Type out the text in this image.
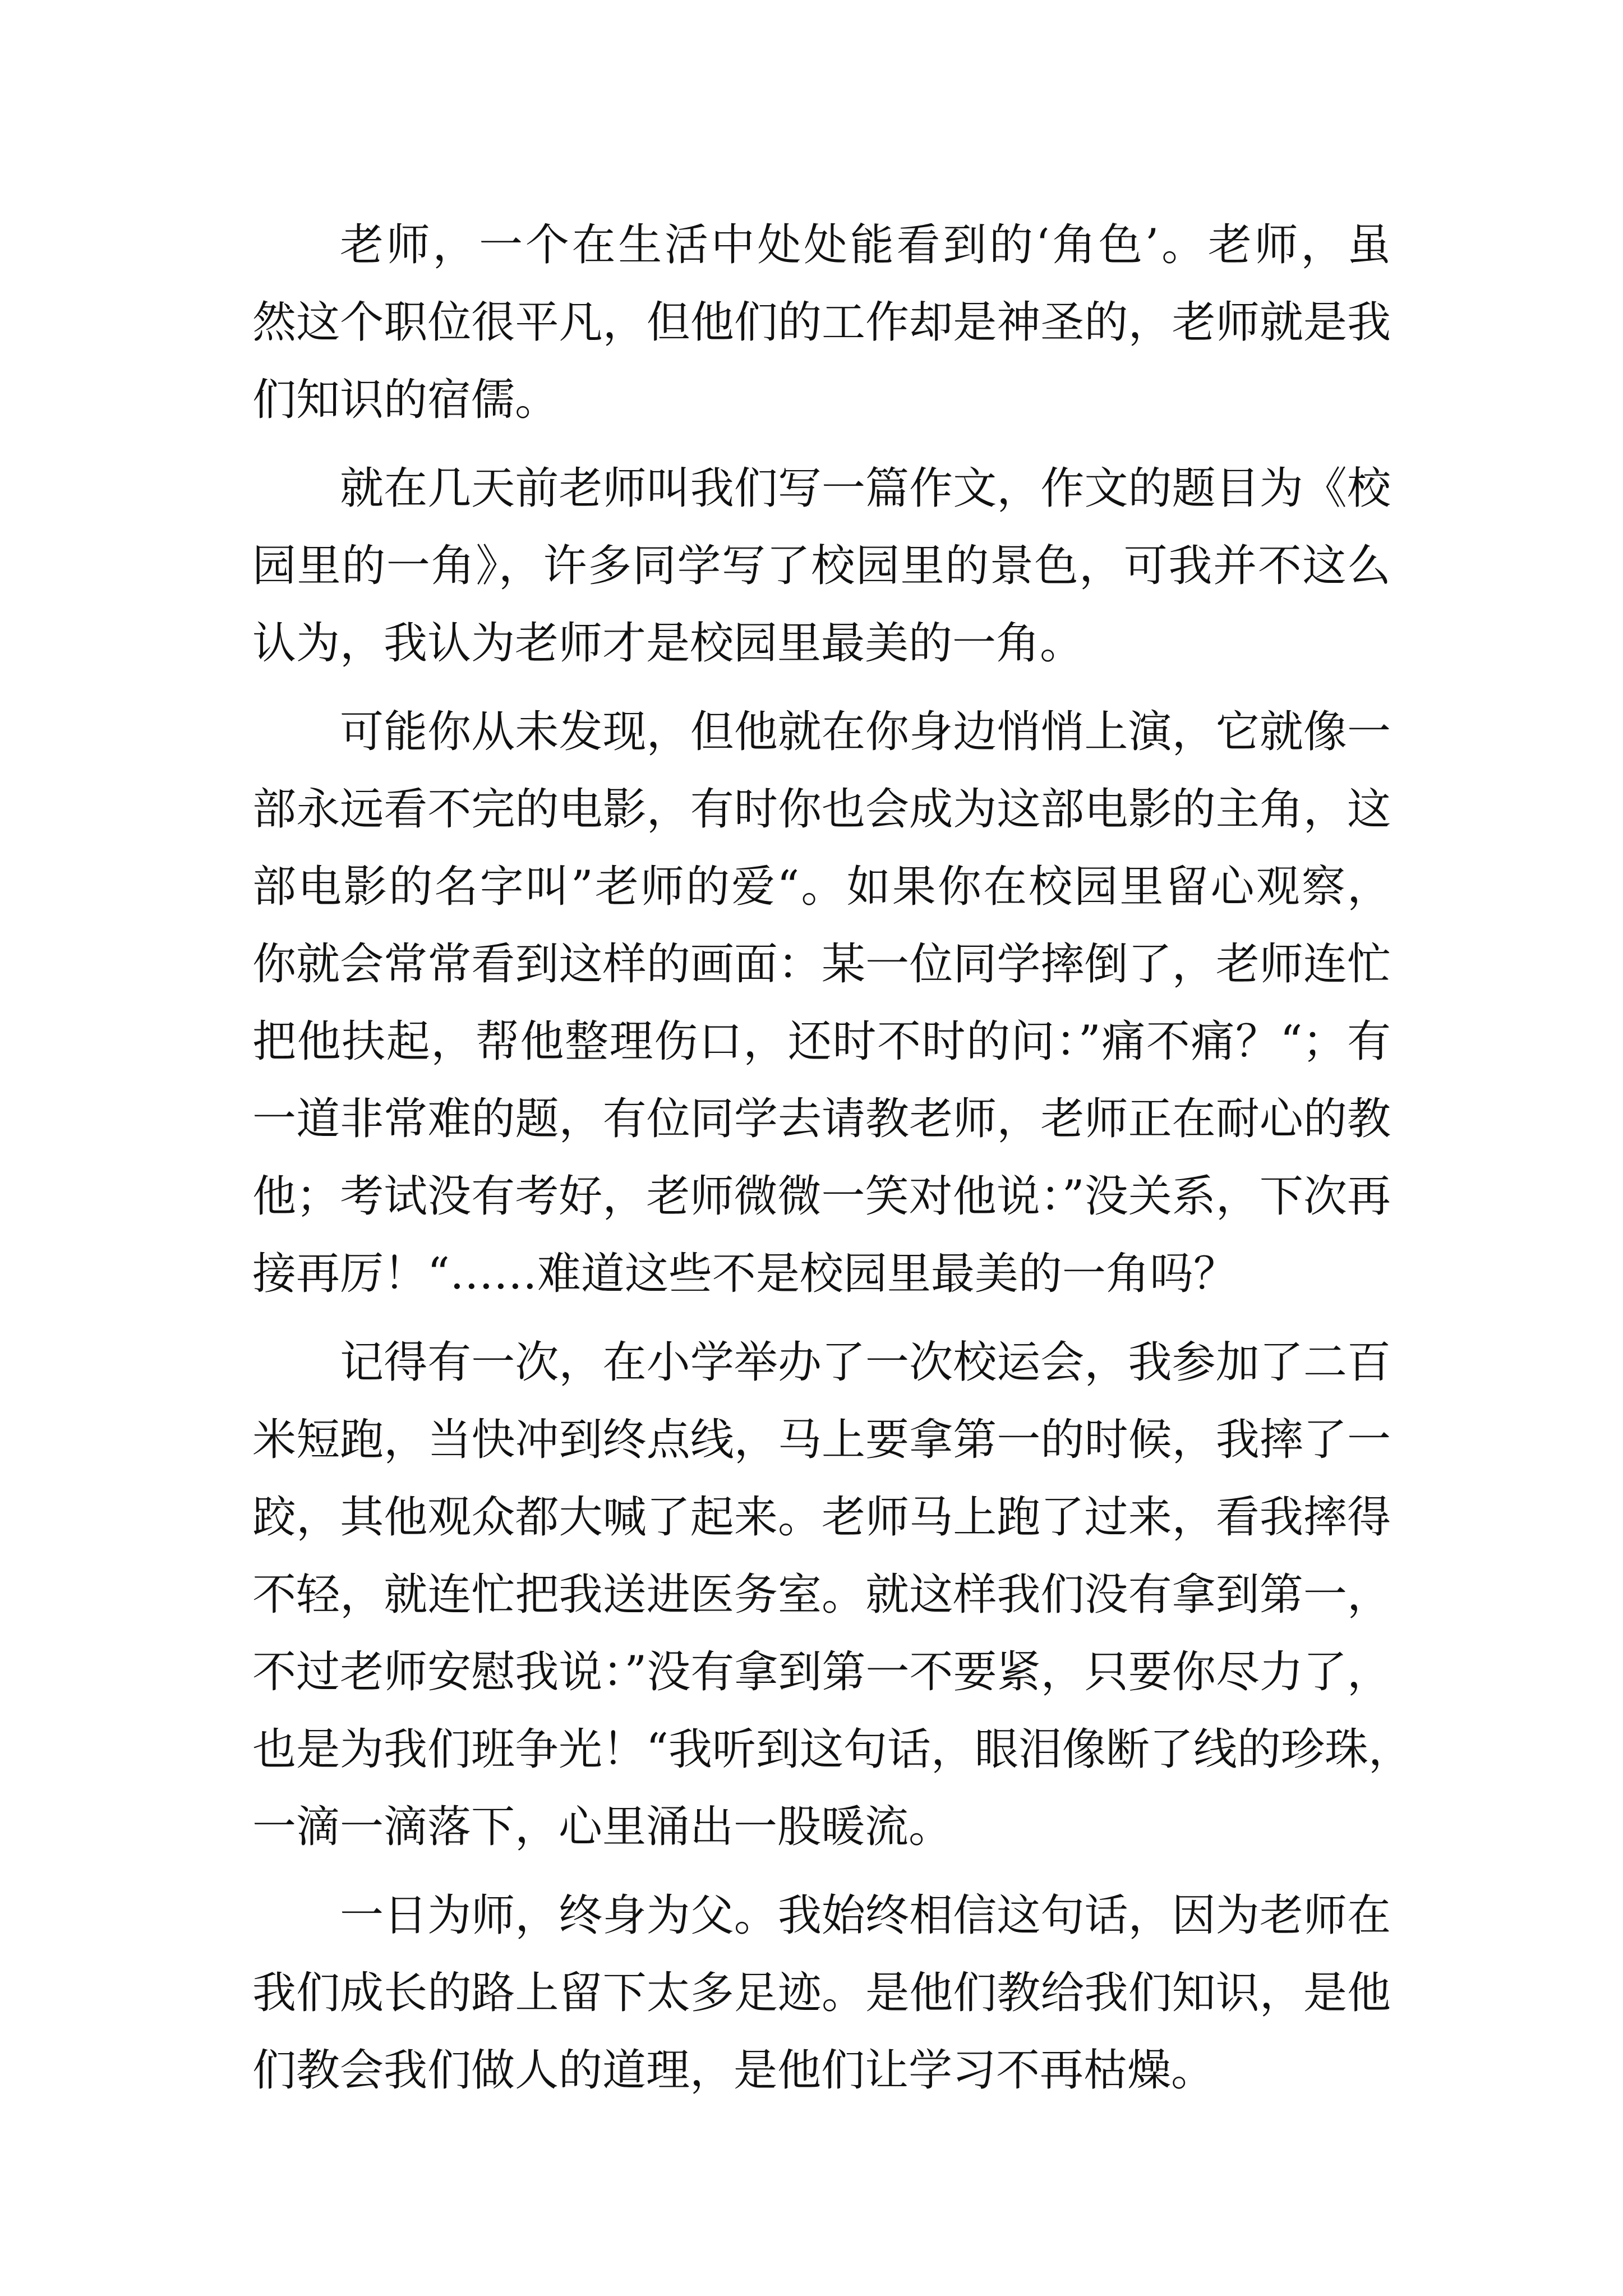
老师，一个在生活中处处能看到的‘角色’。老师，虽
然这个职位很平凡，但他们的工作却是神圣的，老师就是我
们知识的宿儒。
就在几天前老师叫我们写一篇作文，作文的题目为《校
园里的一角》，许多同学写了校园里的景色，可我并不这么
认为，我认为老师才是校园里最美的一角。
可能你从未发现，但他就在你身边悄悄上演，它就像一
部永远看不完的电影，有时你也会成为这部电影的主角，这
部电影的名字叫”老师的爱“。如果你在校园里留心观察，
你就会常常看到这样的画面：某一位同学摔倒了，老师连忙
把他扶起，帮他整理伤口，还时不时的问：”痛不痛？“；有
一道非常难的题，有位同学去请教老师，老师正在耐心的教
他；考试没有考好，老师微微一笑对他说：”没关系，下次再
接再厉！“……难道这些不是校园里最美的一角吗？
记得有一次，在小学举办了一次校运会，我参加了二百
米短跑，当快冲到终点线，马上要拿第一的时候，我摔了一
跤，其他观众都大喊了起来。老师马上跑了过来，看我摔得
不轻，就连忙把我送进医务室。就这样我们没有拿到第一，
不过老师安慰我说：”没有拿到第一不要紧，只要你尽力了，
也是为我们班争光！“我听到这句话，眼泪像断了线的珍珠，
一滴一滴落下，心里涌出一股暖流。
一日为师，终身为父。我始终相信这句话，因为老师在
我们成长的路上留下太多足迹。是他们教给我们知识，是他
们教会我们做人的道理，是他们让学习不再枯燥。
